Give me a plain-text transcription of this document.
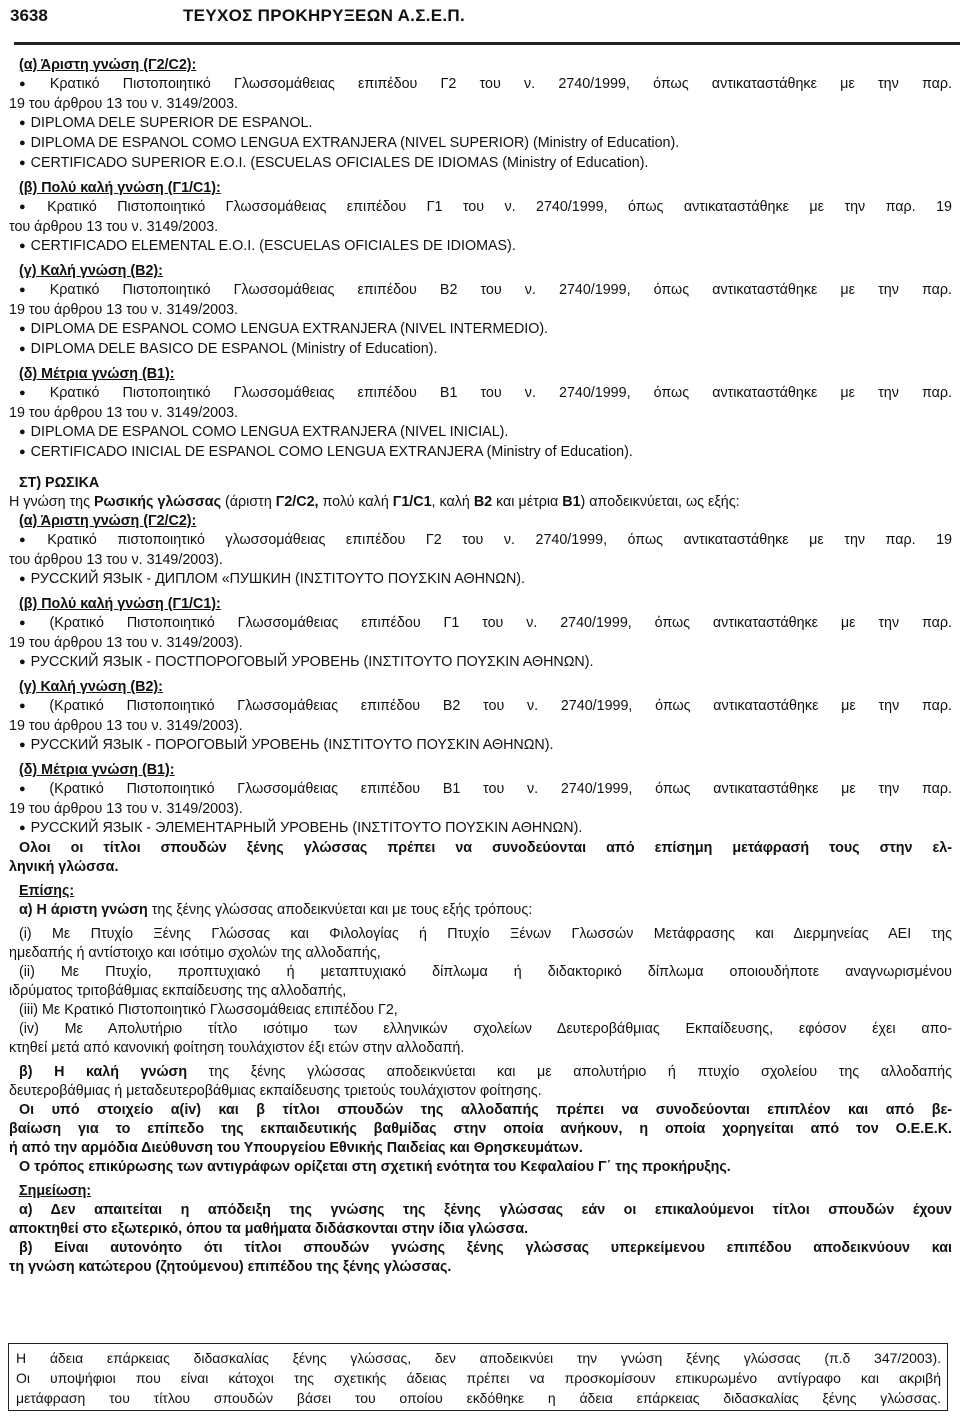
3638	ΤΕΥΧΟΣ ΠΡΟΚΗΡΥΞΕΩΝ Α.Σ.Ε.Π.
(α) Άριστη γνώση (Γ2/C2):
● Κρατικό Πιστοποιητικό Γλωσσομάθειας επιπέδου Γ2 του ν. 2740/1999, όπως αντικαταστάθηκε με την παρ.
19 του άρθρου 13 του ν. 3149/2003.
● DIPLOMA DELE SUPERIOR DE ESPANOL.
● DIPLOMA DE ESPANOL COMO LENGUA EXTRANJERA (NIVEL SUPERIOR) (Ministry of Education).
● CERTIFICADO SUPERIOR E.O.I. (ESCUELAS OFICIALES DE IDIOMAS (Ministry of Education).
(β) Πολύ καλή γνώση (Γ1/C1):
● Κρατικό Πιστοποιητικό Γλωσσομάθειας επιπέδου Γ1 του ν. 2740/1999, όπως αντικαταστάθηκε με την παρ. 19
του άρθρου 13 του ν. 3149/2003.
● CERTIFICADO ELEMENTAL E.O.I. (ESCUELAS OFICIALES DE IDIOMAS).
(γ) Καλή γνώση (Β2):
● Κρατικό Πιστοποιητικό Γλωσσομάθειας επιπέδου Β2 του ν. 2740/1999, όπως αντικαταστάθηκε με την παρ.
19 του άρθρου 13 του ν. 3149/2003.
● DIPLOMA DE ESPANOL COMO LENGUA EXTRANJERA (NIVEL INTERMEDIO).
● DIPLOMA DELE BASICO DE ESPANOL (Ministry of Education).
(δ) Μέτρια γνώση (Β1):
● Κρατικό Πιστοποιητικό Γλωσσομάθειας επιπέδου Β1 του ν. 2740/1999, όπως αντικαταστάθηκε με την παρ.
19 του άρθρου 13 του ν. 3149/2003.
● DIPLOMA DE ESPANOL COMO LENGUA EXTRANJERA (NIVEL INICIAL).
● CERTIFICADO INICIAL DE ESPANOL COMO LENGUA EXTRANJERA (Ministry of Education).
ΣΤ) ΡΩΣΙΚΑ
Η γνώση της Ρωσικής γλώσσας (άριστη Γ2/C2, πολύ καλή Γ1/C1, καλή Β2 και μέτρια Β1) αποδεικνύεται, ως εξής:
(α) Άριστη γνώση (Γ2/C2):
● Κρατικό πιστοποιητικό γλωσσομάθειας επιπέδου Γ2 του ν. 2740/1999, όπως αντικαταστάθηκε με την παρ. 19
του άρθρου 13 του ν. 3149/2003).
● РУССКИЙ ЯЗЫК - ДИПЛОМ «ПУШКИН (ΙΝΣΤΙΤΟΥΤΟ ΠΟΥΣΚΙΝ ΑΘΗΝΩΝ).
(β) Πολύ καλή γνώση (Γ1/C1):
● (Κρατικό Πιστοποιητικό Γλωσσομάθειας επιπέδου Γ1 του ν. 2740/1999, όπως αντικαταστάθηκε με την παρ.
19 του άρθρου 13 του ν. 3149/2003).
● РУССКИЙ ЯЗЫК - ПОСТПОРОГОВЫЙ УРОВЕНЬ (ΙΝΣΤΙΤΟΥΤΟ ΠΟΥΣΚΙΝ ΑΘΗΝΩΝ).
(γ) Καλή γνώση (Β2):
● (Κρατικό Πιστοποιητικό Γλωσσομάθειας επιπέδου Β2 του ν. 2740/1999, όπως αντικαταστάθηκε με την παρ.
19 του άρθρου 13 του ν. 3149/2003).
● РУССКИЙ ЯЗЫК - ПОРОГОВЫЙ УРОВЕНЬ (ΙΝΣΤΙΤΟΥΤΟ ΠΟΥΣΚΙΝ ΑΘΗΝΩΝ).
(δ) Μέτρια γνώση (Β1):
● (Κρατικό Πιστοποιητικό Γλωσσομάθειας επιπέδου Β1 του ν. 2740/1999, όπως αντικαταστάθηκε με την παρ.
19 του άρθρου 13 του ν. 3149/2003).
● РУССКИЙ ЯЗЫК - ЭЛЕМЕНТАРНЫЙ УРОВЕНЬ (ΙΝΣΤΙΤΟΥΤΟ ΠΟΥΣΚΙΝ ΑΘΗΝΩΝ).
Ολοι οι τίτλοι σπουδών ξένης γλώσσας πρέπει να συνοδεύονται από επίσημη μετάφρασή τους στην ελ-
ληνική γλώσσα.
Επίσης:
α) Η άριστη γνώση της ξένης γλώσσας αποδεικνύεται και με τους εξής τρόπους:
(i) Με Πτυχίο Ξένης Γλώσσας και Φιλολογίας ή Πτυχίο Ξένων Γλωσσών Μετάφρασης και Διερμηνείας ΑΕΙ της
ημεδαπής ή αντίστοιχο και ισότιμο σχολών της αλλοδαπής,
(ii) Με Πτυχίο, προπτυχιακό ή μεταπτυχιακό δίπλωμα ή διδακτορικό δίπλωμα οποιουδήποτε αναγνωρισμένου
ιδρύματος τριτοβάθμιας εκπαίδευσης της αλλοδαπής,
(iii) Με Κρατικό Πιστοποιητικό Γλωσσομάθειας επιπέδου Γ2,
(iv) Με Απολυτήριο τίτλο ισότιμο των ελληνικών σχολείων Δευτεροβάθμιας Εκπαίδευσης, εφόσον έχει απο-
κτηθεί μετά από κανονική φοίτηση τουλάχιστον έξι ετών στην αλλοδαπή.
β) Η καλή γνώση της ξένης γλώσσας αποδεικνύεται και με απολυτήριο ή πτυχίο σχολείου της αλλοδαπής
δευτεροβάθμιας ή μεταδευτεροβάθμιας εκπαίδευσης τριετούς τουλάχιστον φοίτησης.
Οι υπό στοιχείο α(iv) και β τίτλοι σπουδών της αλλοδαπής πρέπει να συνοδεύονται επιπλέον και από βε-
βαίωση για το επίπεδο της εκπαιδευτικής βαθμίδας στην οποία ανήκουν, η οποία χορηγείται από τον Ο.Ε.Ε.Κ.
ή από την αρμόδια Διεύθυνση του Υπουργείου Εθνικής Παιδείας και Θρησκευμάτων.
Ο τρόπος επικύρωσης των αντιγράφων ορίζεται στη σχετική ενότητα του Κεφαλαίου Γ΄ της προκήρυξης.
Σημείωση:
α) Δεν απαιτείται η απόδειξη της γνώσης της ξένης γλώσσας εάν οι επικαλούμενοι τίτλοι σπουδών έχουν
αποκτηθεί στο εξωτερικό, όπου τα μαθήματα διδάσκονται στην ίδια γλώσσα.
β) Είναι αυτονόητο ότι τίτλοι σπουδών γνώσης ξένης γλώσσας υπερκείμενου επιπέδου αποδεικνύουν και
τη γνώση κατώτερου (ζητούμενου) επιπέδου της ξένης γλώσσας.
Η άδεια επάρκειας διδασκαλίας ξένης γλώσσας, δεν αποδεικνύει την γνώση ξένης γλώσσας (π.δ 347/2003).
Οι υποψήφιοι που είναι κάτοχοι της σχετικής άδειας πρέπει να προσκομίσουν επικυρωμένο αντίγραφο και ακριβή
μετάφραση του τίτλου σπουδών βάσει του οποίου εκδόθηκε η άδεια επάρκειας διδασκαλίας ξένης γλώσσας.
